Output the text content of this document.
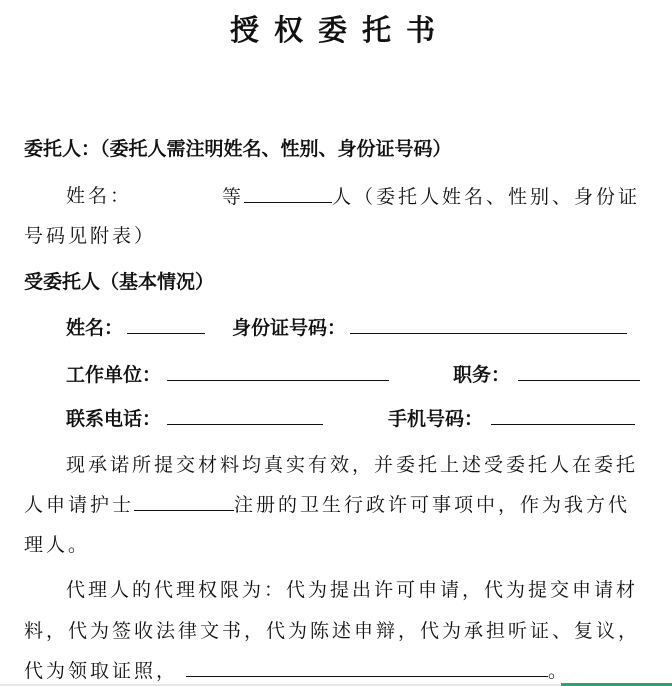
授权委托书
委托人：（委托人需注明姓名、性别、身份证号码）
姓名：	等	人（委托人姓名、性别、身份证
号码见附表）
受委托人（基本情况）
姓名：	身份证号码：
工作单位：	职务：
联系电话：	手机号码：
现承诺所提交材料均真实有效，并委托上述受委托人在委托
人申请护士	注册的卫生行政许可事项中，作为我方代
理人。
代理人的代理权限为：代为提出许可申请，代为提交申请材
料，代为签收法律文书，代为陈述申辩，代为承担听证、复议，
代为领取证照，	。
